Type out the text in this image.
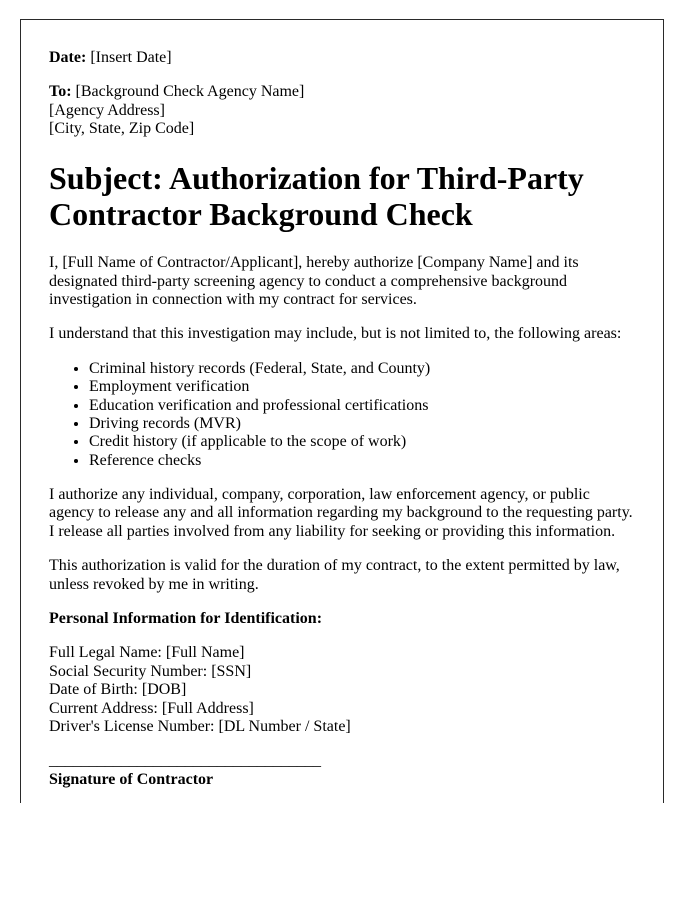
Date: [Insert Date]

To: [Background Check Agency Name]
[Agency Address]
[City, State, Zip Code]

Subject: Authorization for Third-Party Contractor Background Check

I, [Full Name of Contractor/Applicant], hereby authorize [Company Name] and its designated third-party screening agency to conduct a comprehensive background investigation in connection with my contract for services.

I understand that this investigation may include, but is not limited to, the following areas:

• Criminal history records (Federal, State, and County)
• Employment verification
• Education verification and professional certifications
• Driving records (MVR)
• Credit history (if applicable to the scope of work)
• Reference checks

I authorize any individual, company, corporation, law enforcement agency, or public agency to release any and all information regarding my background to the requesting party. I release all parties involved from any liability for seeking or providing this information.

This authorization is valid for the duration of my contract, to the extent permitted by law, unless revoked by me in writing.

Personal Information for Identification:

Full Legal Name: [Full Name]
Social Security Number: [SSN]
Date of Birth: [DOB]
Current Address: [Full Address]
Driver's License Number: [DL Number / State]

__________________________________
Signature of Contractor
